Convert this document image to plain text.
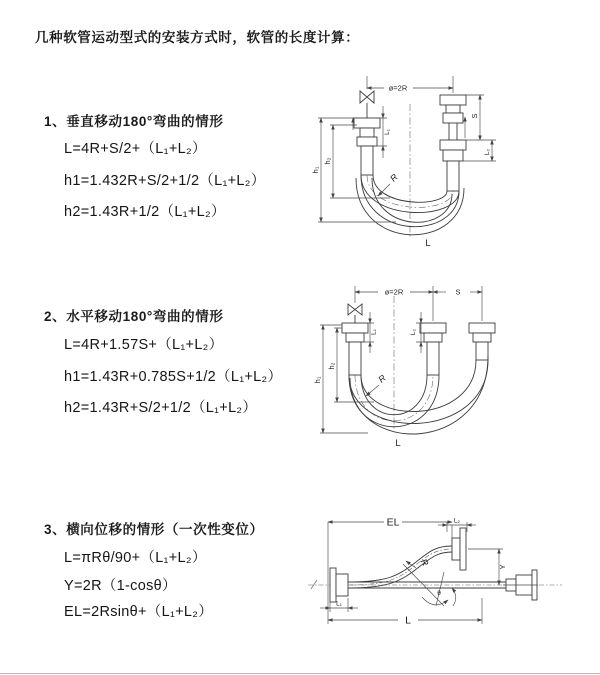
几种软管运动型式的安装方式时，软管的长度计算：
1、垂直移动180°弯曲的情形
L=4R+S/2+（L₁+L₂）
h1=1.432R+S/2+1/2（L₁+L₂）
h2=1.43R+1/2（L₁+L₂）
2、水平移动180°弯曲的情形
L=4R+1.57S+（L₁+L₂）
h1=1.43R+0.785S+1/2（L₁+L₂）
h2=1.43R+S/2+1/2（L₁+L₂）
3、横向位移的情形（一次性变位）
L=πRθ/90+（L₁+L₂）
Y=2R（1-cosθ）
EL=2Rsinθ+（L₁+L₂）
ø=2R
h₁
h₂
L₁
S
L₂
R
L
ø=2R	S
L₁	L₂
h₁
h₂
R
L
EL	L₂
Y
L
L₁
R
θ
